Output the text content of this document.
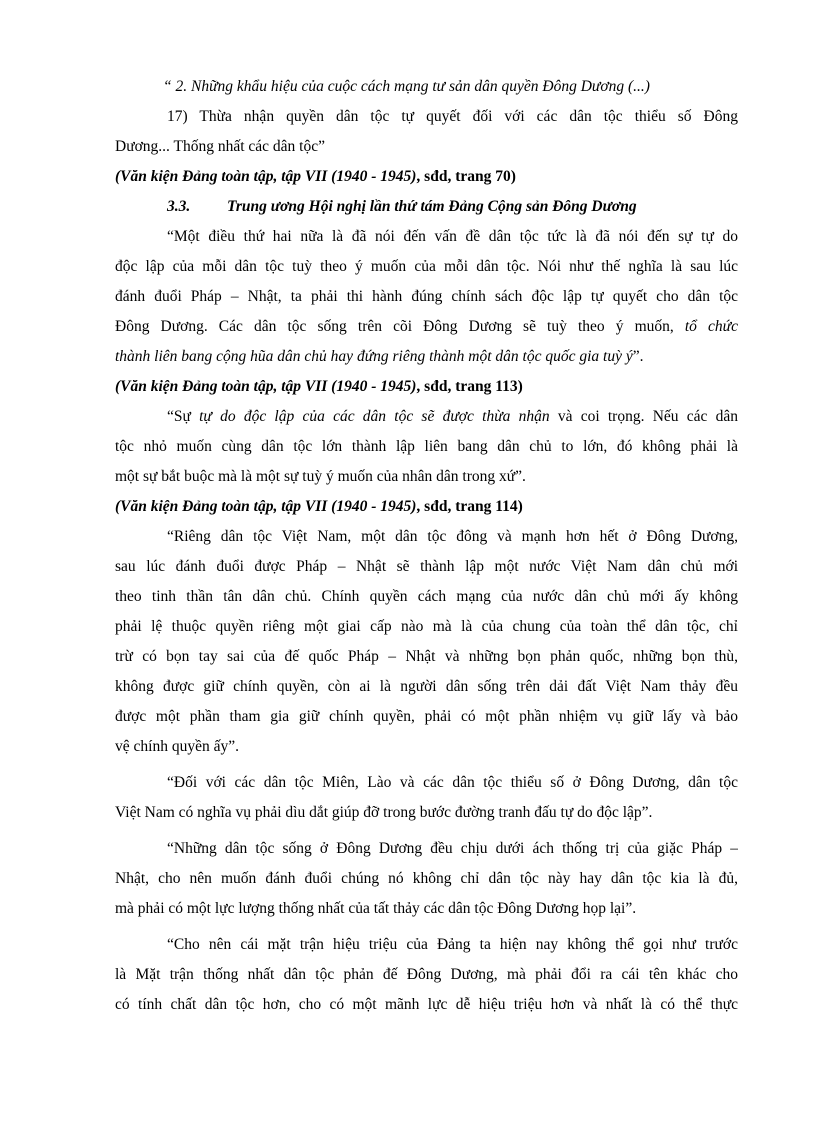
“ 2. Những khẩu hiệu của cuộc cách mạng tư sản dân quyền Đông Dương (...)
17) Thừa nhận quyền dân tộc tự quyết đối với các dân tộc thiểu số Đông
Dương... Thống nhất các dân tộc”
(Văn kiện Đảng toàn tập, tập VII (1940 - 1945), sđd, trang 70)
3.3. Trung ương Hội nghị lần thứ tám Đảng Cộng sản Đông Dương
“Một điều thứ hai nữa là đã nói đến vấn đề dân tộc tức là đã nói đến sự tự do
độc lập của mỗi dân tộc tuỳ theo ý muốn của mỗi dân tộc. Nói như thế nghĩa là sau lúc
đánh đuổi Pháp – Nhật, ta phải thi hành đúng chính sách độc lập tự quyết cho dân tộc
Đông Dương. Các dân tộc sống trên cõi Đông Dương sẽ tuỳ theo ý muốn, tổ chức
thành liên bang cộng hũa dân chủ hay đứng riêng thành một dân tộc quốc gia tuỳ ý”.
(Văn kiện Đảng toàn tập, tập VII (1940 - 1945), sđd, trang 113)
“Sự tự do độc lập của các dân tộc sẽ được thừa nhận và coi trọng. Nếu các dân
tộc nhỏ muốn cùng dân tộc lớn thành lập liên bang dân chủ to lớn, đó không phải là
một sự bắt buộc mà là một sự tuỳ ý muốn của nhân dân trong xứ”.
(Văn kiện Đảng toàn tập, tập VII (1940 - 1945), sđd, trang 114)
“Riêng dân tộc Việt Nam, một dân tộc đông và mạnh hơn hết ở Đông Dương,
sau lúc đánh đuổi được Pháp – Nhật sẽ thành lập một nước Việt Nam dân chủ mới
theo tinh thần tân dân chủ. Chính quyền cách mạng của nước dân chủ mới ấy không
phải lệ thuộc quyền riêng một giai cấp nào mà là của chung của toàn thể dân tộc, chỉ
trừ có bọn tay sai của đế quốc Pháp – Nhật và những bọn phản quốc, những bọn thù,
không được giữ chính quyền, còn ai là người dân sống trên dải đất Việt Nam thảy đều
được một phần tham gia giữ chính quyền, phải có một phần nhiệm vụ giữ lấy và bảo
vệ chính quyền ấy”.
“Đối với các dân tộc Miên, Lào và các dân tộc thiểu số ở Đông Dương, dân tộc
Việt Nam có nghĩa vụ phải dìu dắt giúp đỡ trong bước đường tranh đấu tự do độc lập”.
“Những dân tộc sống ở Đông Dương đều chịu dưới ách thống trị của giặc Pháp –
Nhật, cho nên muốn đánh đuổi chúng nó không chỉ dân tộc này hay dân tộc kia là đủ,
mà phải có một lực lượng thống nhất của tất thảy các dân tộc Đông Dương họp lại”.
“Cho nên cái mặt trận hiệu triệu của Đảng ta hiện nay không thể gọi như trước
là Mặt trận thống nhất dân tộc phản đế Đông Dương, mà phải đổi ra cái tên khác cho
có tính chất dân tộc hơn, cho có một mãnh lực dễ hiệu triệu hơn và nhất là có thể thực
